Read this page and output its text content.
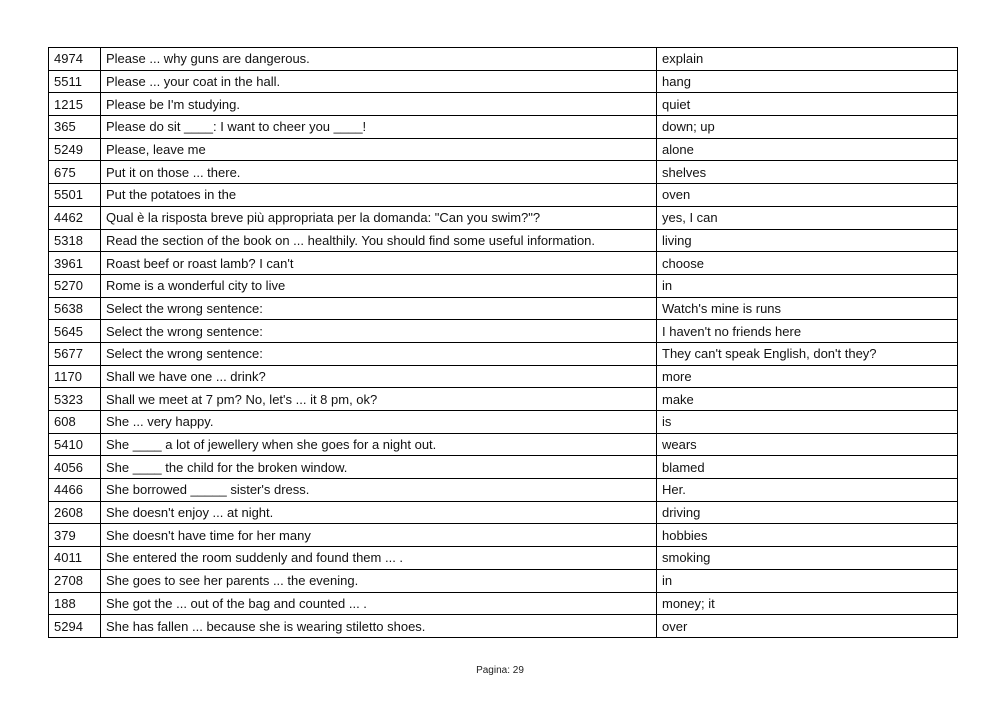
4974	Please ... why guns are dangerous.	explain
5511	Please ... your coat in the hall.	hang
1215	Please be I'm studying.	quiet
365	Please do sit ____: I want to cheer you ____!	down; up
5249	Please, leave me	alone
675	Put it on those ... there.	shelves
5501	Put the potatoes in the	oven
4462	Qual è la risposta breve più appropriata per la domanda: "Can you swim?"?	yes, I can
5318	Read the section of the book on ... healthily. You should find some useful information.	living
3961	Roast beef or roast lamb? I can't	choose
5270	Rome is a wonderful city to live	in
5638	Select the wrong sentence:	Watch's mine is runs
5645	Select the wrong sentence:	I haven't no friends here
5677	Select the wrong sentence:	They can't speak English, don't they?
1170	Shall we have one ... drink?	more
5323	Shall we meet at 7 pm? No, let's ... it 8 pm, ok?	make
608	She ... very happy.	is
5410	She ____ a lot of jewellery when she goes for a night out.	wears
4056	She ____ the child for the broken window.	blamed
4466	She borrowed _____ sister's dress.	Her.
2608	She doesn't enjoy ... at night.	driving
379	She doesn't have time for her many	hobbies
4011	She entered the room suddenly and found them ... .	smoking
2708	She goes to see her parents ... the evening.	in
188	She got the ... out of the bag and counted ... .	money; it
5294	She has fallen ... because she is wearing stiletto shoes.	over
Pagina: 29
